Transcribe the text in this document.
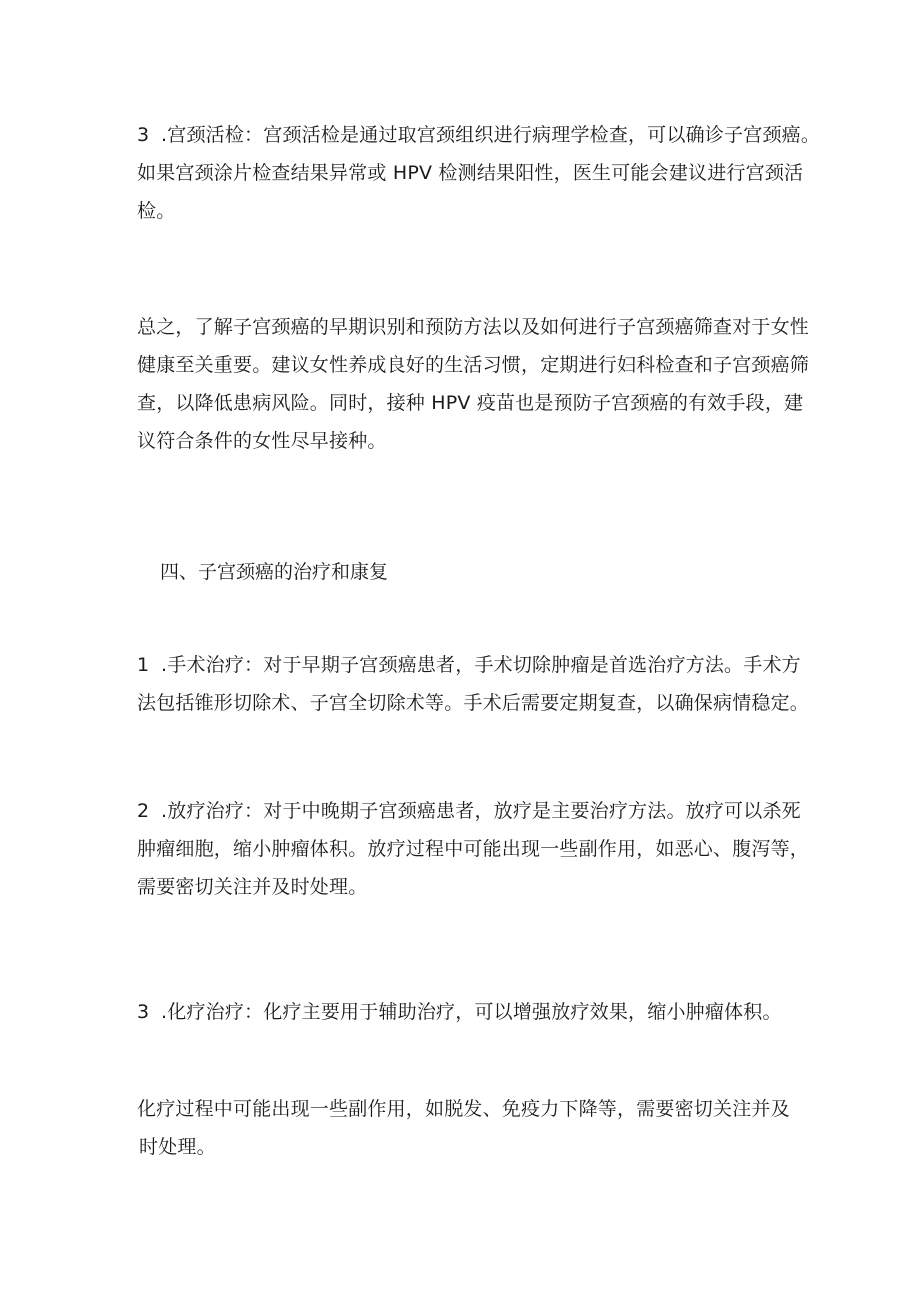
3 .宫颈活检：宫颈活检是通过取宫颈组织进行病理学检查，可以确诊子宫颈癌。
如果宫颈涂片检查结果异常或 HPV 检测结果阳性，医生可能会建议进行宫颈活
检。

总之，了解子宫颈癌的早期识别和预防方法以及如何进行子宫颈癌筛查对于女性
健康至关重要。建议女性养成良好的生活习惯，定期进行妇科检查和子宫颈癌筛
查，以降低患病风险。同时，接种 HPV 疫苗也是预防子宫颈癌的有效手段，建
议符合条件的女性尽早接种。

四、子宫颈癌的治疗和康复

1 .手术治疗：对于早期子宫颈癌患者，手术切除肿瘤是首选治疗方法。手术方
法包括锥形切除术、子宫全切除术等。手术后需要定期复查，以确保病情稳定。

2 .放疗治疗：对于中晚期子宫颈癌患者，放疗是主要治疗方法。放疗可以杀死
肿瘤细胞，缩小肿瘤体积。放疗过程中可能出现一些副作用，如恶心、腹泻等，
需要密切关注并及时处理。

3 .化疗治疗：化疗主要用于辅助治疗，可以增强放疗效果，缩小肿瘤体积。

化疗过程中可能出现一些副作用，如脱发、免疫力下降等，需要密切关注并及
时处理。
